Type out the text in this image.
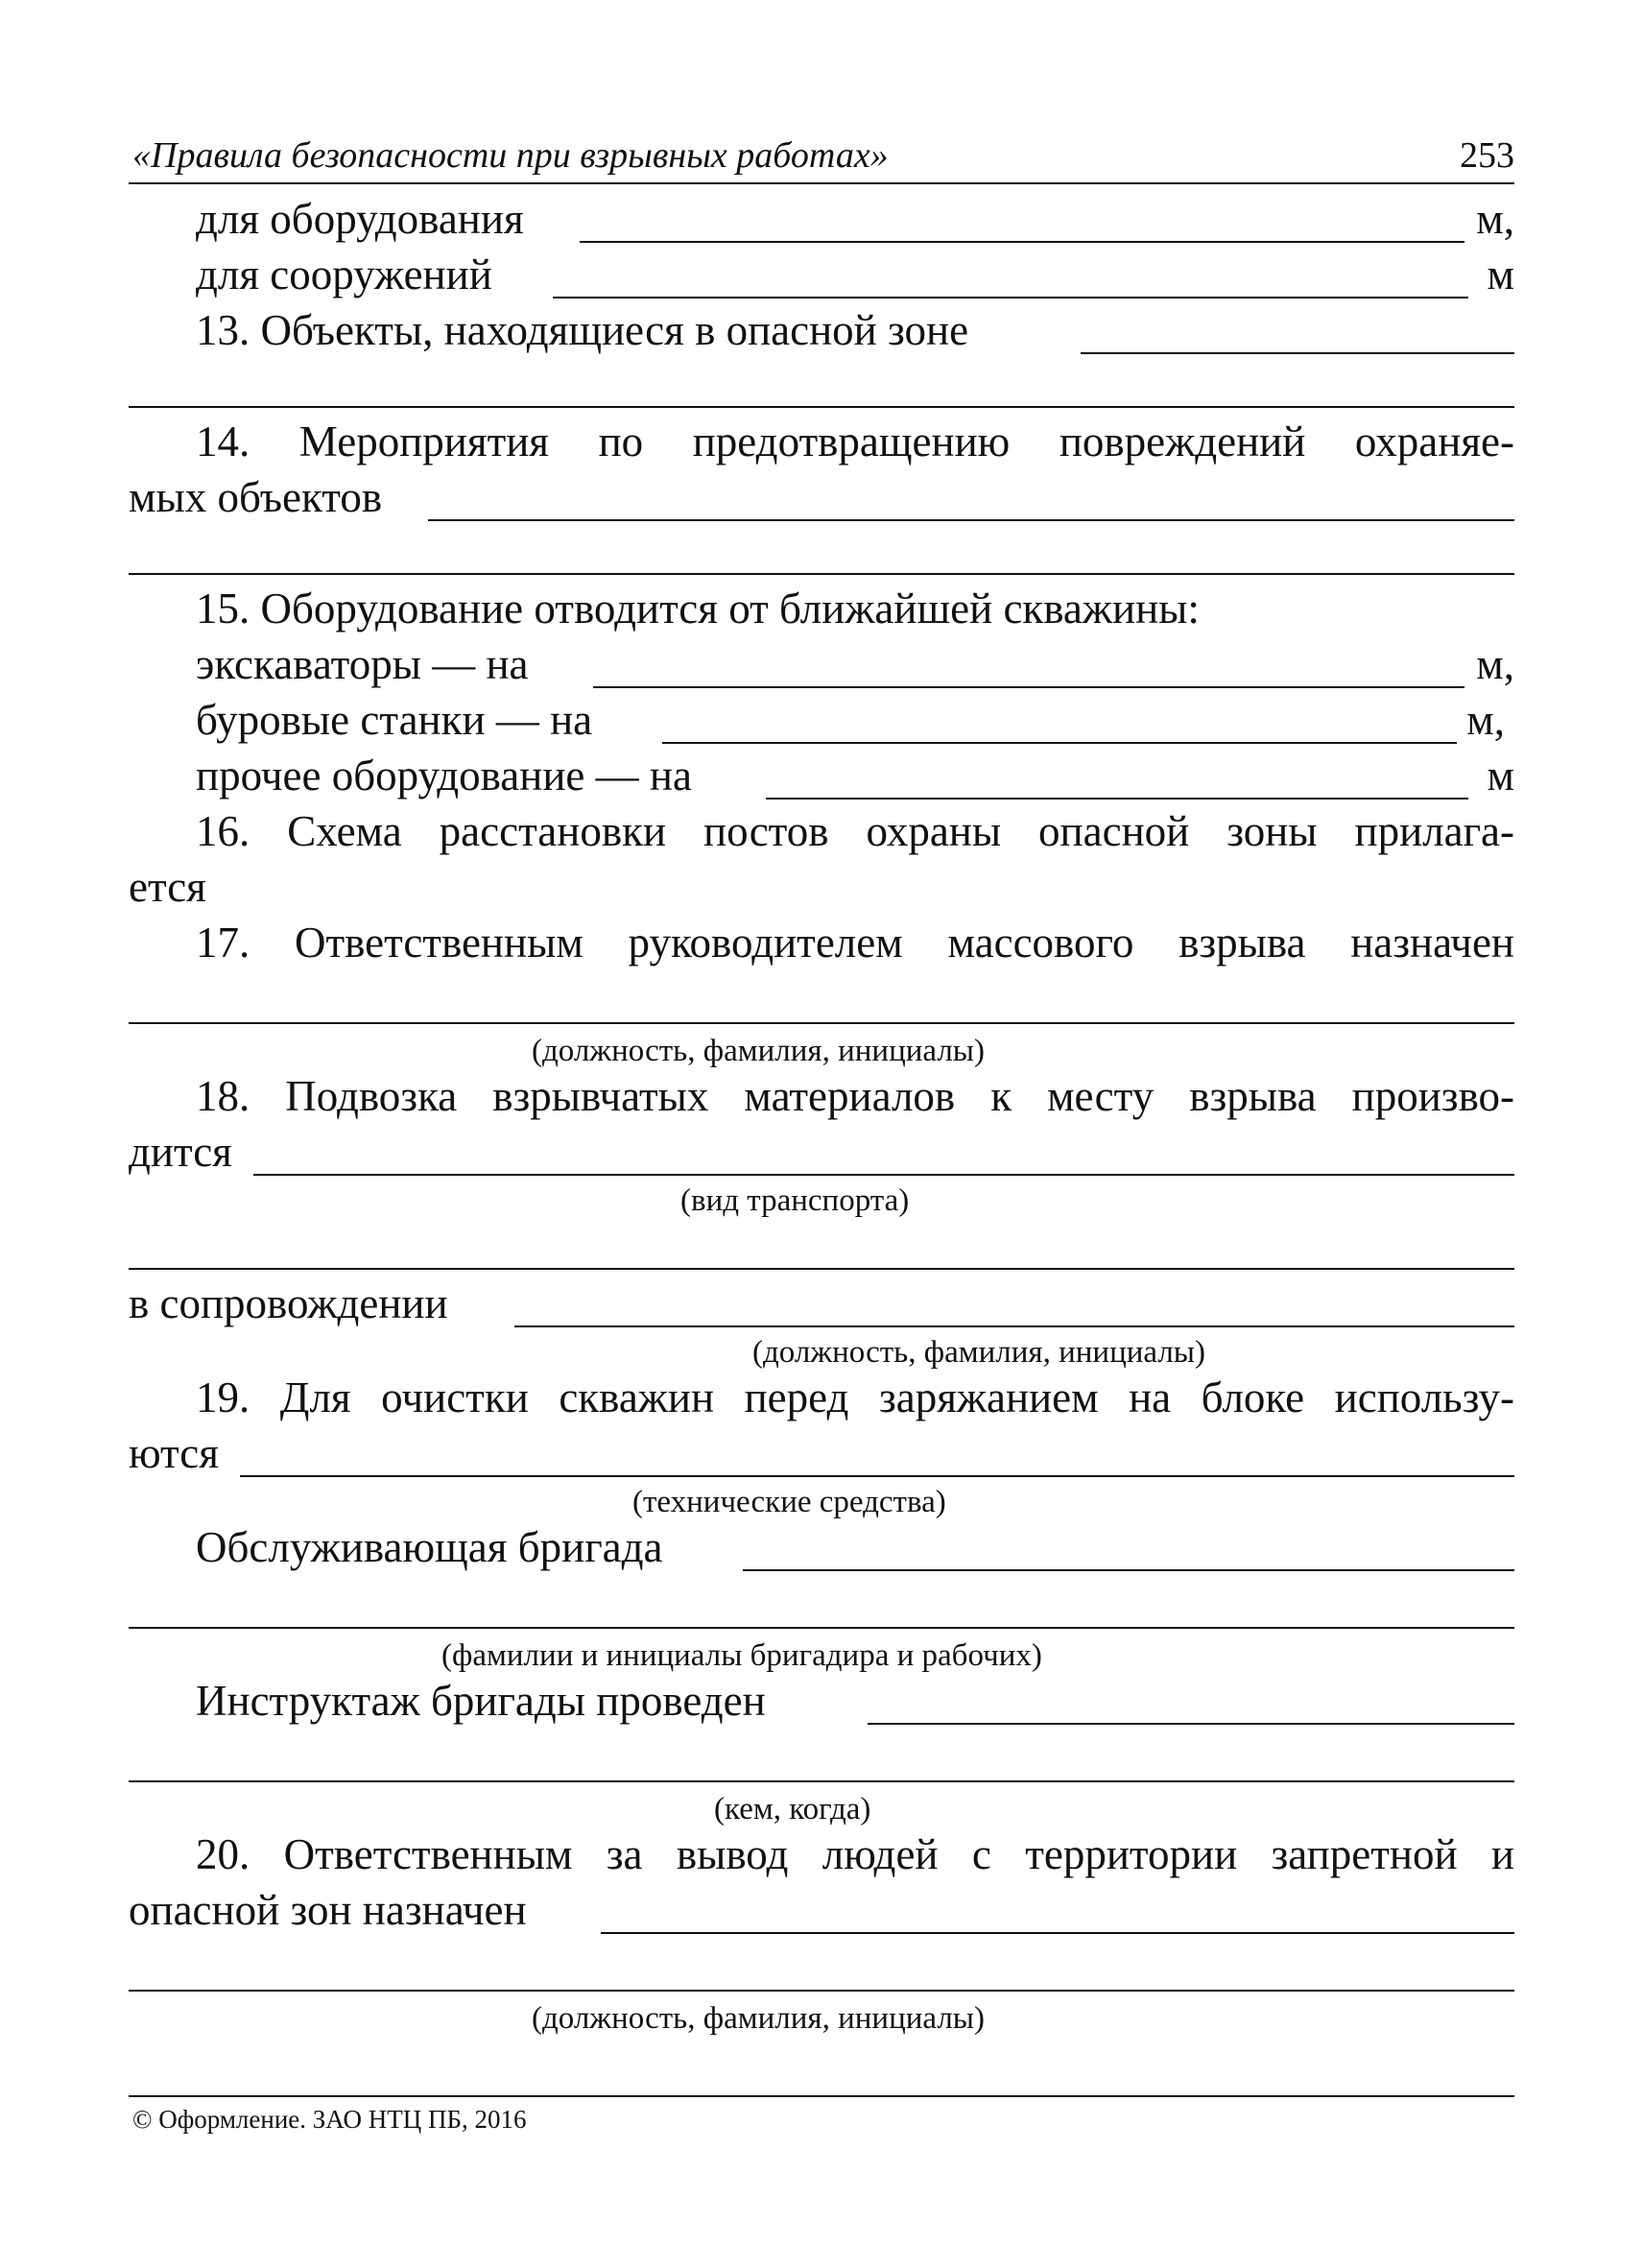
«Правила безопасности при взрывных работах»	253
для оборудования	м,
для сооружений	м
13. Объекты, находящиеся в опасной зоне
14. Мероприятия по предотвращению повреждений охраняе-
мых объектов
15. Оборудование отводится от ближайшей скважины:
экскаваторы — на	м,
буровые станки — на	м,
прочее оборудование — на	м
16. Схема расстановки постов охраны опасной зоны прилага-
ется
17. Ответственным руководителем массового взрыва назначен
(должность, фамилия, инициалы)
18. Подвозка взрывчатых материалов к месту взрыва произво-
дится
(вид транспорта)
в сопровождении
(должность, фамилия, инициалы)
19. Для очистки скважин перед заряжанием на блоке использу-
ются
(технические средства)
Обслуживающая бригада
(фамилии и инициалы бригадира и рабочих)
Инструктаж бригады проведен
(кем, когда)
20. Ответственным за вывод людей с территории запретной и
опасной зон назначен
(должность, фамилия, инициалы)
© Оформление. ЗАО НТЦ ПБ, 2016
